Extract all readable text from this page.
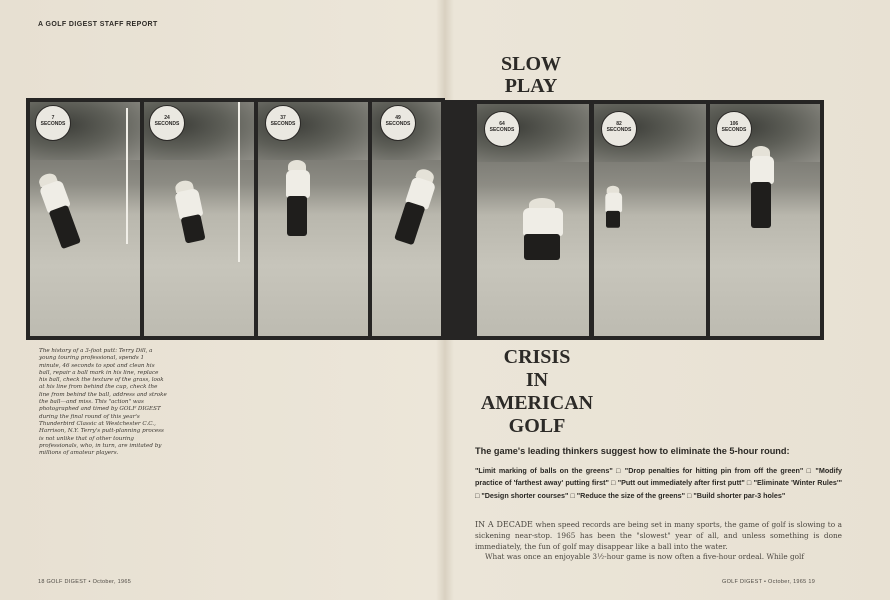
A GOLF DIGEST STAFF REPORT
7
SECONDS
24
SECONDS
37
SECONDS
49
SECONDS	64
SECONDS
82
SECONDS
106
SECONDS
SLOW
PLAY
CRISIS
IN
AMERICAN
GOLF
The history of a 3-foot putt: Terry Dill, a young touring professional, spends 1 minute, 46 seconds to spot and clean his ball, repair a ball mark in his line, replace his ball, check the texture of the grass, look at his line from behind the cup, check the line from behind the ball, address and stroke the ball—and miss. This "action" was photographed and timed by GOLF DIGEST during the final round of this year's Thunderbird Classic at Westchester C.C., Harrison, N.Y. Terry's putt-planning process is not unlike that of other touring professionals, who, in turn, are imitated by millions of amateur players.	The game's leading thinkers suggest how to eliminate the 5-hour round:
"Limit marking of balls on the greens" □ "Drop penalties for hitting pin from off the green" □ "Modify practice of 'farthest away' putting first" □ "Putt out immediately after first putt" □ "Eliminate 'Winter Rules'" □ "Design shorter courses" □ "Reduce the size of the greens" □ "Build shorter par-3 holes"
IN A DECADE when speed records are being set in many sports, the game of golf is slowing to a sickening near-stop. 1965 has been the "slowest" year of all, and unless something is done immediately, the fun of golf may disappear like a ball into the water.
What was once an enjoyable 3½-hour game is now often a five-hour ordeal. While golf
18 GOLF DIGEST • October, 1965	GOLF DIGEST • October, 1965 19
